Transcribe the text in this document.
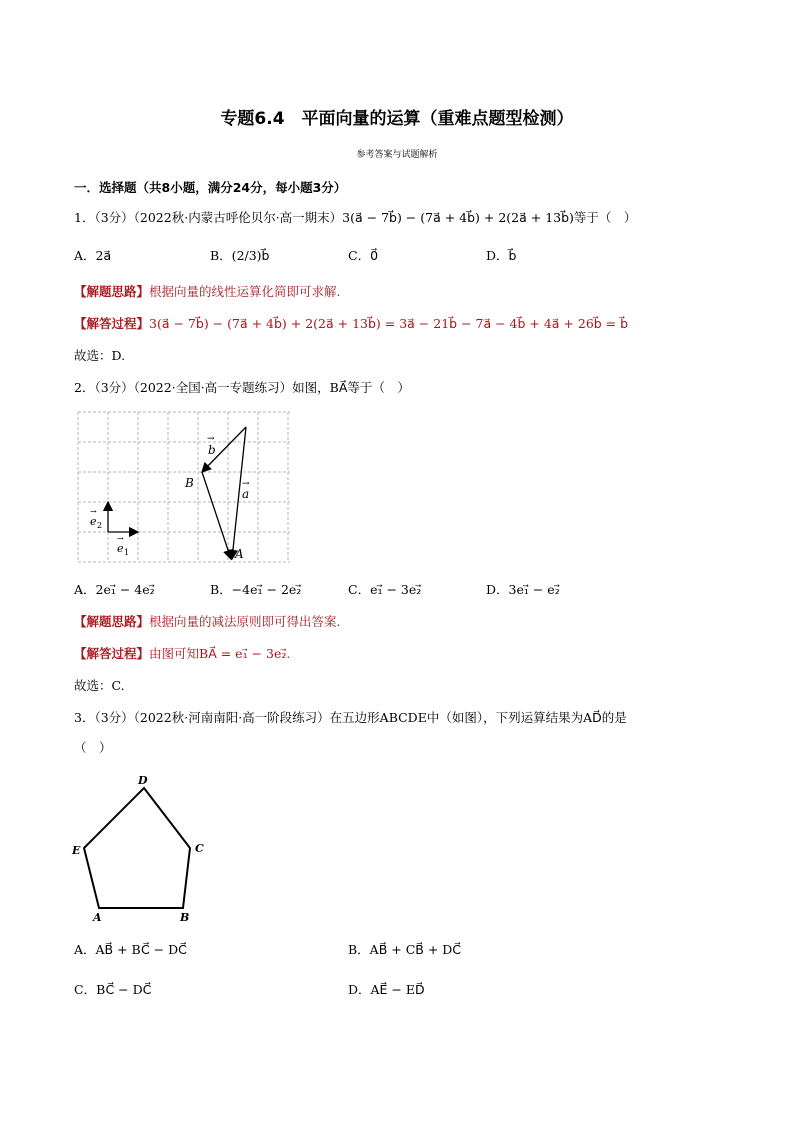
专题6.4　平面向量的运算（重难点题型检测）
参考答案与试题解析
一．选择题（共8小题，满分24分，每小题3分）
1．（3分）（2022秋·内蒙古呼伦贝尔·高一期末）3(a⃗ − 7b⃗) − (7a⃗ + 4b⃗) + 2(2a⃗ + 13b⃗)等于（　）
A．2a⃗	B．(2/3)b⃗	C．0⃗	D．b⃗
【解题思路】根据向量的线性运算化简即可求解.
【解答过程】3(a⃗ − 7b⃗) − (7a⃗ + 4b⃗) + 2(2a⃗ + 13b⃗) = 3a⃗ − 21b⃗ − 7a⃗ − 4b⃗ + 4a⃗ + 26b⃗ = b⃗
故选：D.
2．（3分）（2022·全国·高一专题练习）如图，BA⃗等于（　）
b
→
a
→
B
A
e 2
→
e 1
→
A．2e₁⃗ − 4e₂⃗	B．−4e₁⃗ − 2e₂⃗	C．e₁⃗ − 3e₂⃗	D．3e₁⃗ − e₂⃗
【解题思路】根据向量的减法原则即可得出答案.
【解答过程】由图可知BA⃗ = e₁⃗ − 3e₂⃗.
故选：C.
3．（3分）（2022秋·河南南阳·高一阶段练习）在五边形ABCDE中（如图），下列运算结果为AD⃗的是
（　）
D
C
B
A
E
A．AB⃗ + BC⃗ − DC⃗	B．AB⃗ + CB⃗ + DC⃗
C．BC⃗ − DC⃗	D．AE⃗ − ED⃗
